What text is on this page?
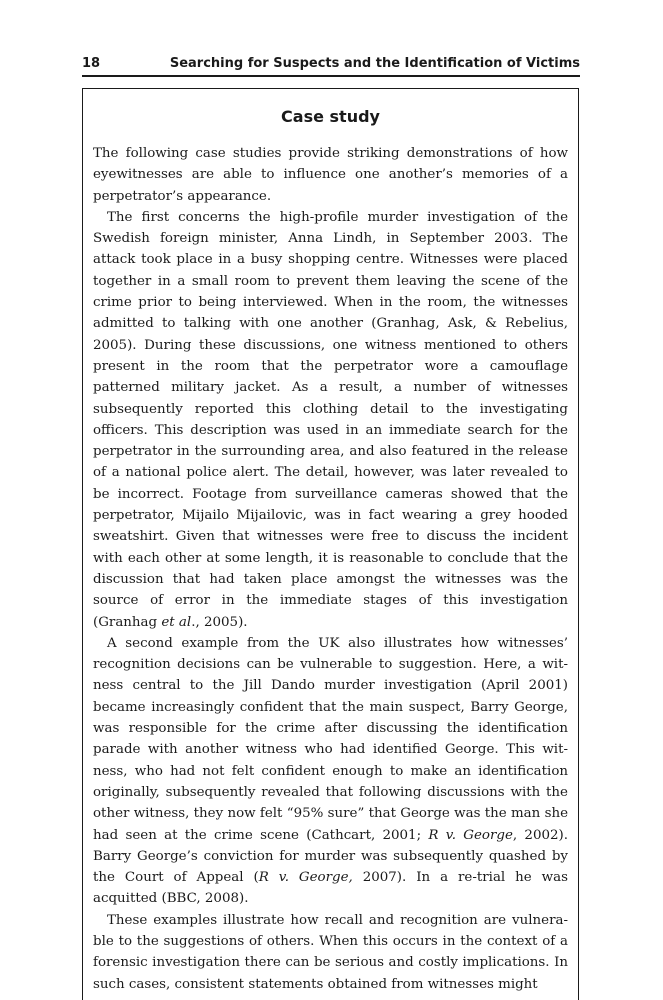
18	Searching for Suspects and the Identification of Victims
Case study

The following case studies provide striking demonstrations of how eyewitnesses are able to influence one another’s memories of a perpetrator’s appearance.

The first concerns the high-profile murder investigation of the Swedish foreign minister, Anna Lindh, in September 2003. The attack took place in a busy shopping centre. Witnesses were placed together in a small room to prevent them leaving the scene of the crime prior to being interviewed. When in the room, the witnesses admitted to talking with one another (Granhag, Ask, & Rebelius, 2005). During these discussions, one witness mentioned to others present in the room that the perpetrator wore a camouflage patterned military jacket. As a result, a number of witnesses subsequently reported this clothing detail to the investigating officers. This description was used in an immediate search for the perpetrator in the surrounding area, and also featured in the release of a national police alert. The detail, however, was later revealed to be incorrect. Footage from surveillance cameras showed that the perpetrator, Mijailo Mijailovic, was in fact wearing a grey hooded sweatshirt. Given that witnesses were free to discuss the incident with each other at some length, it is reasonable to conclude that the discussion that had taken place amongst the witnesses was the source of error in the immediate stages of this investigation (Granhag et al., 2005).

A second example from the UK also illustrates how witnesses’ recognition decisions can be vulnerable to suggestion. Here, a witness central to the Jill Dando murder investigation (April 2001) became increasingly confident that the main suspect, Barry George, was responsible for the crime after discussing the identification parade with another witness who had identified George. This witness, who had not felt confident enough to make an identification originally, subsequently revealed that following discussions with the other witness, they now felt “95% sure” that George was the man she had seen at the crime scene (Cathcart, 2001; R v. George, 2002). Barry George’s conviction for murder was subsequently quashed by the Court of Appeal (R v. George, 2007). In a re-trial he was acquitted (BBC, 2008).

These examples illustrate how recall and recognition are vulnerable to the suggestions of others. When this occurs in the context of a forensic investigation there can be serious and costly implications. In such cases, consistent statements obtained from witnesses might
